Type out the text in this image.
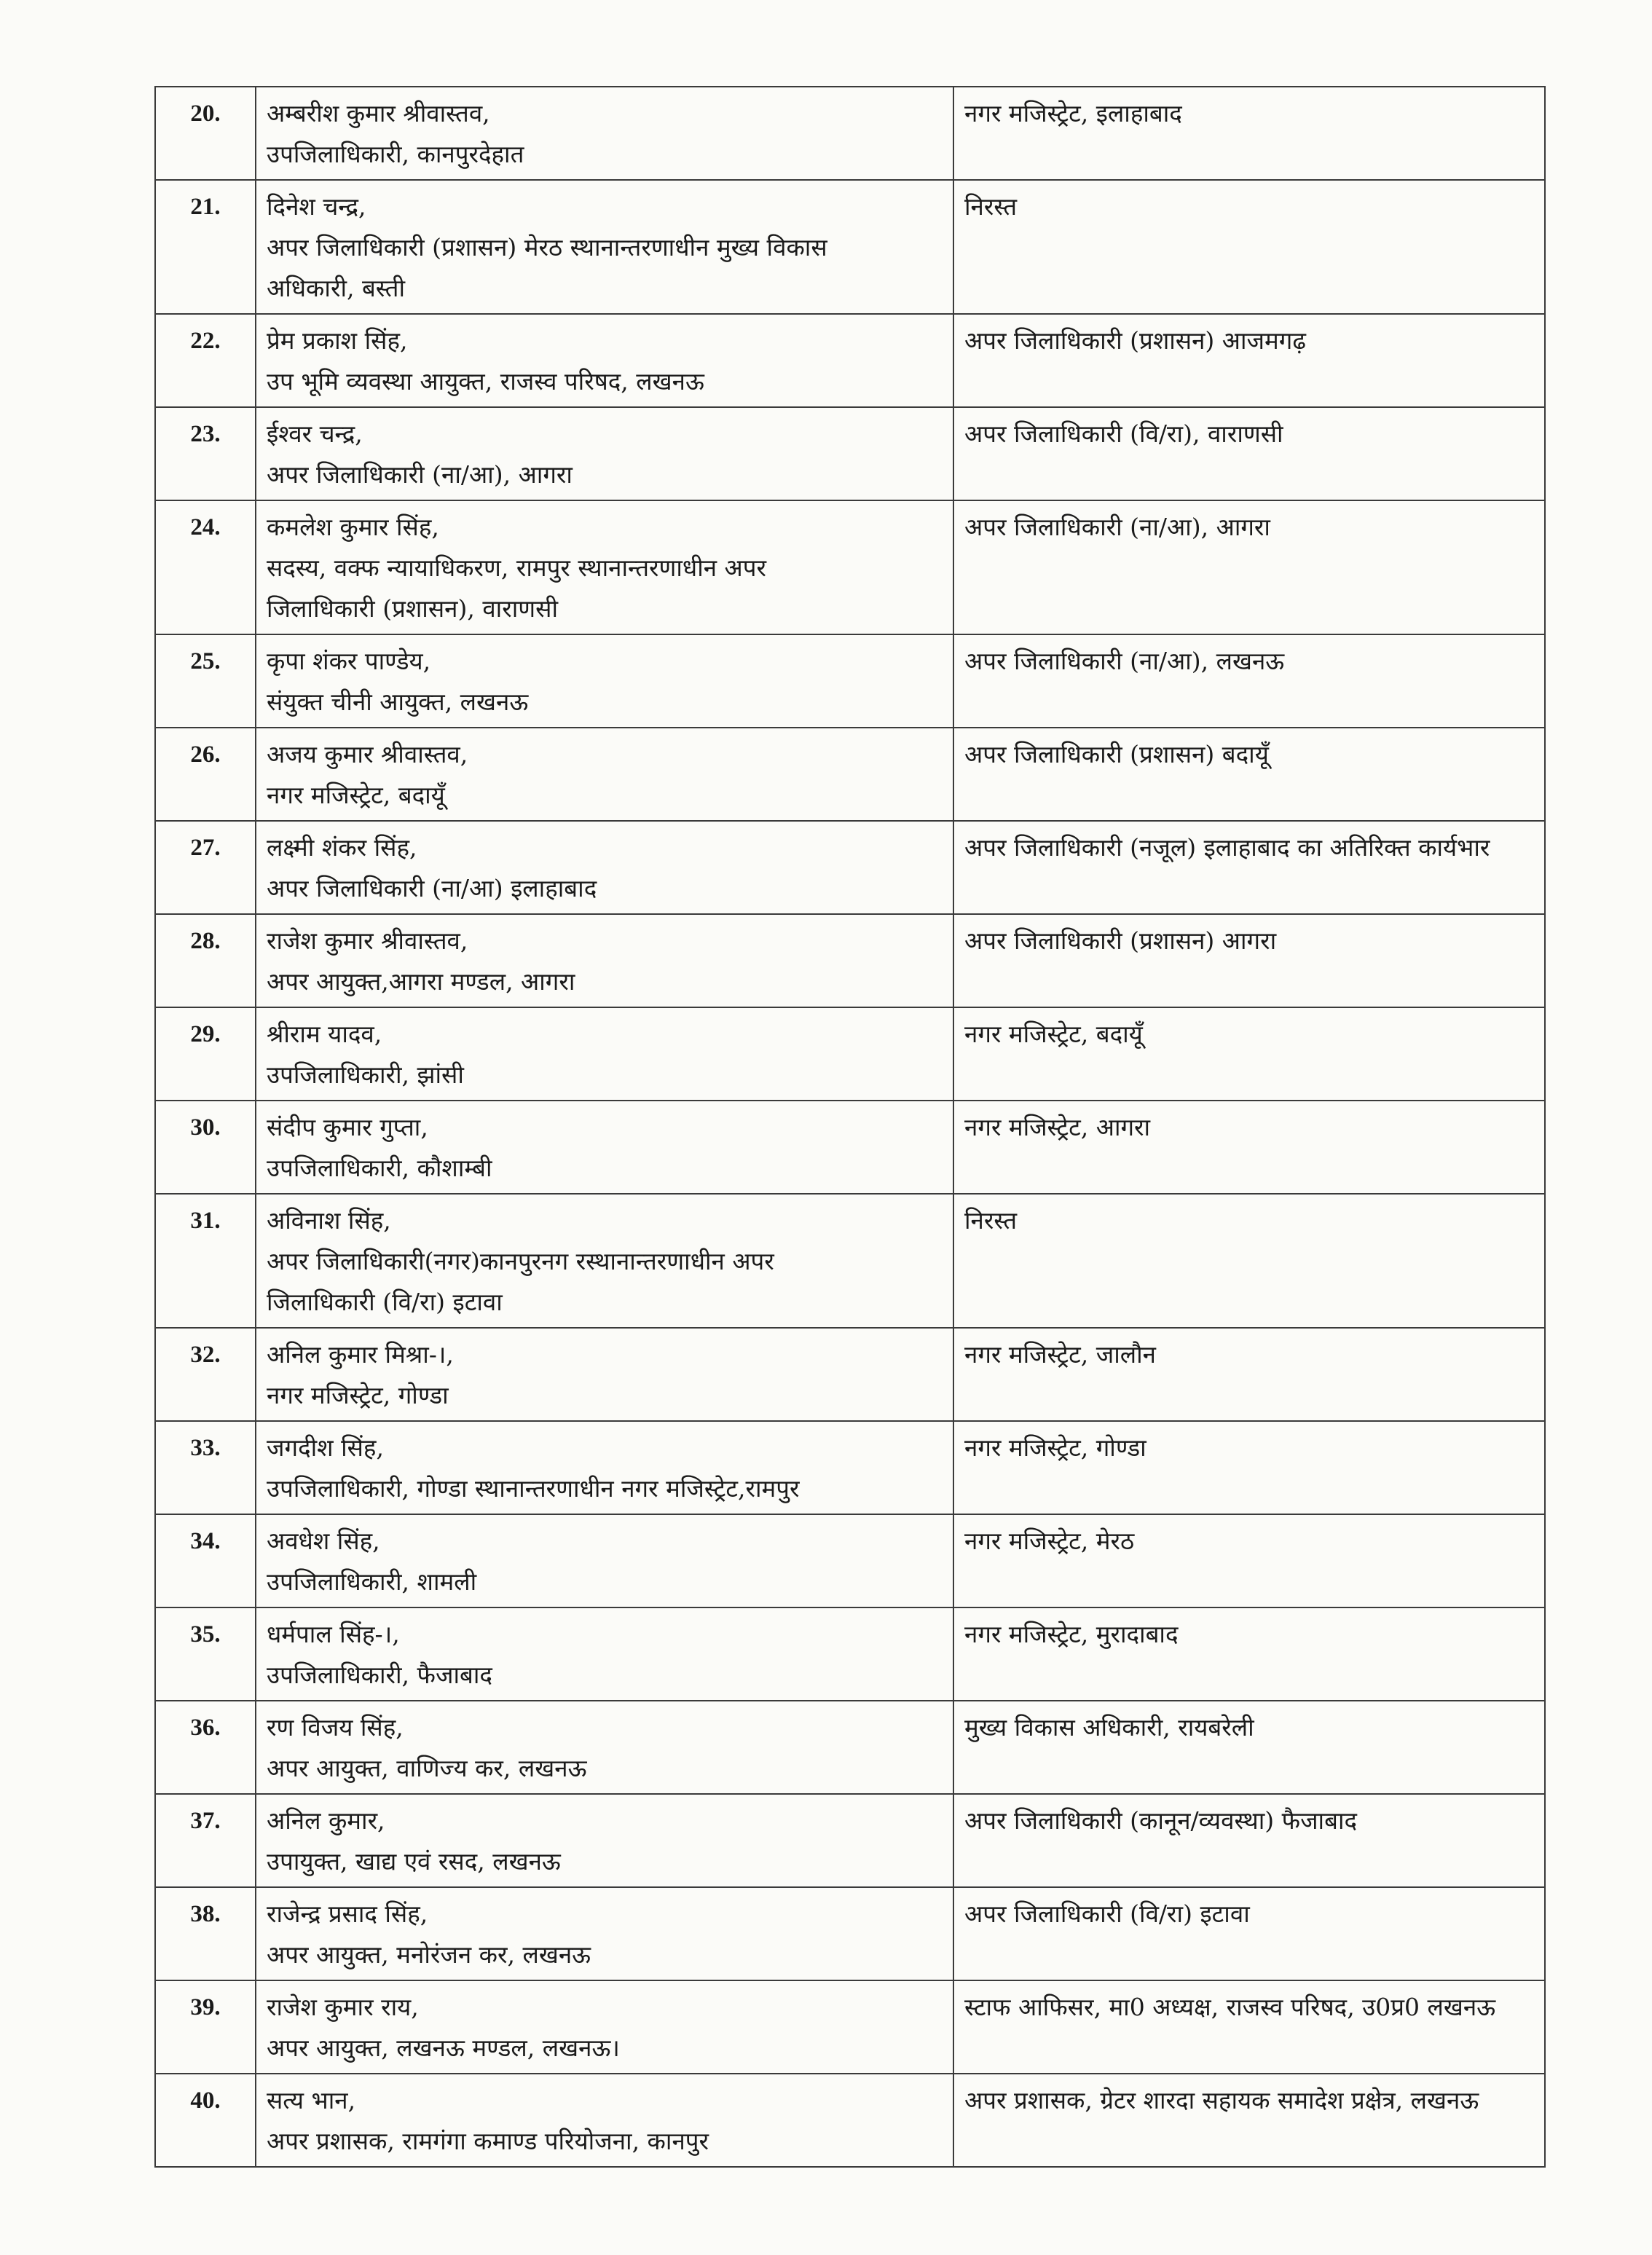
20.	अम्बरीश कुमार श्रीवास्तव,
उपजिलाधिकारी, कानपुरदेहात	नगर मजिस्ट्रेट, इलाहाबाद

21.	दिनेश चन्द्र,
अपर जिलाधिकारी (प्रशासन) मेरठ स्थानान्तरणाधीन मुख्य विकास
अधिकारी, बस्ती	निरस्त

22.	प्रेम प्रकाश सिंह,
उप भूमि व्यवस्था आयुक्त, राजस्व परिषद, लखनऊ	अपर जिलाधिकारी (प्रशासन) आजमगढ़

23.	ईश्वर चन्द्र,
अपर जिलाधिकारी (ना/आ), आगरा	अपर जिलाधिकारी (वि/रा), वाराणसी

24.	कमलेश कुमार सिंह,
सदस्य, वक्फ न्यायाधिकरण, रामपुर स्थानान्तरणाधीन अपर
जिलाधिकारी (प्रशासन), वाराणसी	अपर जिलाधिकारी (ना/आ), आगरा

25.	कृपा शंकर पाण्डेय,
संयुक्त चीनी आयुक्त, लखनऊ	अपर जिलाधिकारी (ना/आ), लखनऊ

26.	अजय कुमार श्रीवास्तव,
नगर मजिस्ट्रेट, बदायूँ	अपर जिलाधिकारी (प्रशासन) बदायूँ

27.	लक्ष्मी शंकर सिंह,
अपर जिलाधिकारी (ना/आ) इलाहाबाद	अपर जिलाधिकारी (नजूल) इलाहाबाद का अतिरिक्त कार्यभार

28.	राजेश कुमार श्रीवास्तव,
अपर आयुक्त,आगरा मण्डल, आगरा	अपर जिलाधिकारी (प्रशासन) आगरा

29.	श्रीराम यादव,
उपजिलाधिकारी, झांसी	नगर मजिस्ट्रेट, बदायूँ

30.	संदीप कुमार गुप्ता,
उपजिलाधिकारी, कौशाम्बी	नगर मजिस्ट्रेट, आगरा

31.	अविनाश सिंह,
अपर जिलाधिकारी(नगर)कानपुरनग रस्थानान्तरणाधीन अपर
जिलाधिकारी (वि/रा) इटावा	निरस्त

32.	अनिल कुमार मिश्रा-।,
नगर मजिस्ट्रेट, गोण्डा	नगर मजिस्ट्रेट, जालौन

33.	जगदीश सिंह,
उपजिलाधिकारी, गोण्डा स्थानान्तरणाधीन नगर मजिस्ट्रेट,रामपुर	नगर मजिस्ट्रेट, गोण्डा

34.	अवधेश सिंह,
उपजिलाधिकारी, शामली	नगर मजिस्ट्रेट, मेरठ

35.	धर्मपाल सिंह-।,
उपजिलाधिकारी, फैजाबाद	नगर मजिस्ट्रेट, मुरादाबाद

36.	रण विजय सिंह,
अपर आयुक्त, वाणिज्य कर, लखनऊ	मुख्य विकास अधिकारी, रायबरेली

37.	अनिल कुमार,
उपायुक्त, खाद्य एवं रसद, लखनऊ	अपर जिलाधिकारी (कानून/व्यवस्था) फैजाबाद

38.	राजेन्द्र प्रसाद सिंह,
अपर आयुक्त, मनोरंजन कर, लखनऊ	अपर जिलाधिकारी (वि/रा) इटावा

39.	राजेश कुमार राय,
अपर आयुक्त, लखनऊ मण्डल, लखनऊ।	स्टाफ आफिसर, मा0 अध्यक्ष, राजस्व परिषद, उ0प्र0 लखनऊ

40.	सत्य भान,
अपर प्रशासक, रामगंगा कमाण्ड परियोजना, कानपुर	अपर प्रशासक, ग्रेटर शारदा सहायक समादेश प्रक्षेत्र, लखनऊ
